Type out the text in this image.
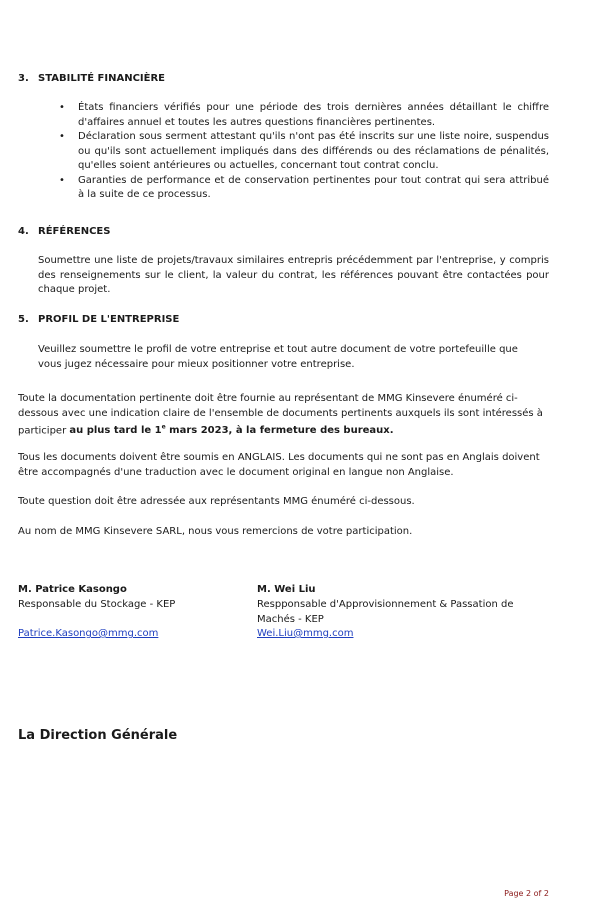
3. STABILITÉ FINANCIÈRE
• États financiers vérifiés pour une période des trois dernières années détaillant le chiffre d'affaires annuel et toutes les autres questions financières pertinentes.
• Déclaration sous serment attestant qu'ils n'ont pas été inscrits sur une liste noire, suspendus ou qu'ils sont actuellement impliqués dans des différends ou des réclamations de pénalités, qu'elles soient antérieures ou actuelles, concernant tout contrat conclu.
• Garanties de performance et de conservation pertinentes pour tout contrat qui sera attribué à la suite de ce processus.
4. RÉFÉRENCES
Soumettre une liste de projets/travaux similaires entrepris précédemment par l'entreprise, y compris des renseignements sur le client, la valeur du contrat, les références pouvant être contactées pour chaque projet.
5. PROFIL DE L'ENTREPRISE
Veuillez soumettre le profil de votre entreprise et tout autre document de votre portefeuille que vous jugez nécessaire pour mieux positionner votre entreprise.
Toute la documentation pertinente doit être fournie au représentant de MMG Kinsevere énuméré ci-dessous avec une indication claire de l'ensemble de documents pertinents auxquels ils sont intéressés à participer au plus tard le 1e mars 2023, à la fermeture des bureaux.
Tous les documents doivent être soumis en ANGLAIS. Les documents qui ne sont pas en Anglais doivent être accompagnés d'une traduction avec le document original en langue non Anglaise.
Toute question doit être adressée aux représentants MMG énuméré ci-dessous.
Au nom de MMG Kinsevere SARL, nous vous remercions de votre participation.
M. Patrice Kasongo
Responsable du Stockage - KEP
Patrice.Kasongo@mmg.com
M. Wei Liu
Respponsable d'Approvisionnement & Passation de Machés - KEP
Wei.Liu@mmg.com
La Direction Générale
Page 2 of 2
